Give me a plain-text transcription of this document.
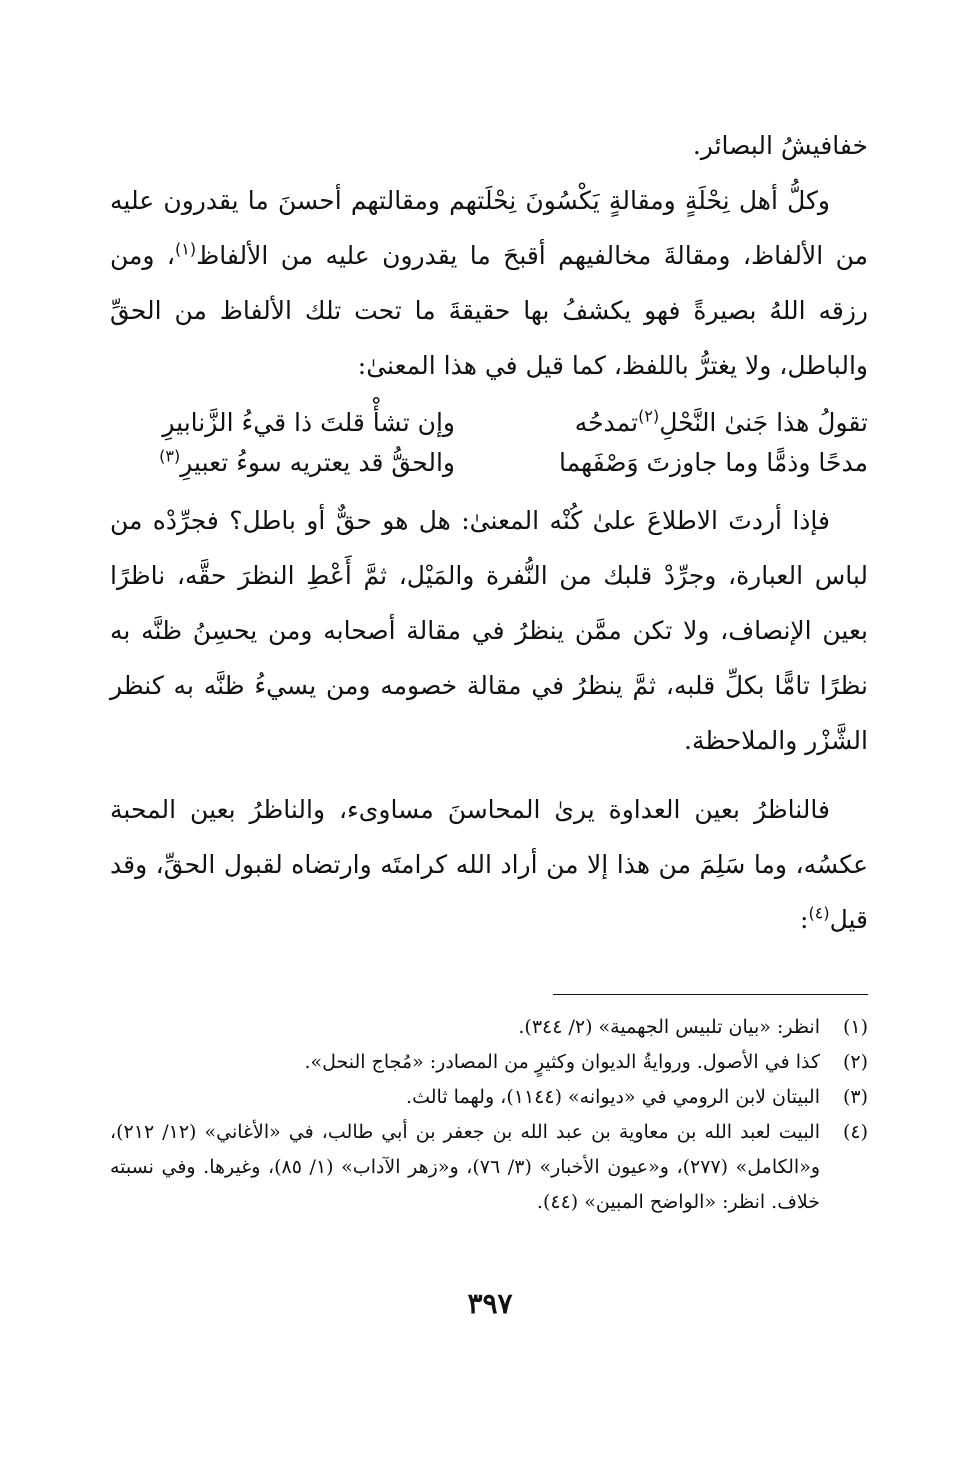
خفافيشُ البصائر.

وكلُّ أهل نِحْلَةٍ ومقالةٍ يَكْسُونَ نِحْلَتهم ومقالتهم أحسنَ ما يقدرون عليه من الألفاظ، ومقالةَ مخالفيهم أقبحَ ما يقدرون عليه من الألفاظ$^{(١)}$، ومن رزقه اللهُ بصيرةً فهو يكشفُ بها حقيقةَ ما تحت تلك الألفاظ من الحقِّ والباطل، ولا يغترُّ باللفظ، كما قيل في هذا المعنىٰ:

تقولُ هذا جَنىٰ النَّحْلِ$^{(٢)}$تمدحُه
وإن تشأْ قلتَ ذا قيءُ الزَّنابيرِ
مدحًا وذمًّا وما جاوزتَ وَصْفَهما
والحقُّ قد يعتريه سوءُ تعبيرِ$^{(٣)}$

فإذا أردتَ الاطلاعَ علىٰ كُنْه المعنىٰ: هل هو حقٌّ أو باطل؟ فجرِّدْه من لباس العبارة، وجرِّدْ قلبك من النُّفرة والمَيْل، ثمَّ أَعْطِ النظرَ حقَّه، ناظرًا بعين الإنصاف، ولا تكن ممَّن ينظرُ في مقالة أصحابه ومن يحسِنُ ظنَّه به نظرًا تامًّا بكلِّ قلبه، ثمَّ ينظرُ في مقالة خصومه ومن يسيءُ ظنَّه به كنظر الشَّزْر والملاحظة.

فالناظرُ بعين العداوة يرىٰ المحاسنَ مساوىء، والناظرُ بعين المحبة عكسُه، وما سَلِمَ من هذا إلا من أراد الله كرامتَه وارتضاه لقبول الحقِّ، وقد قيل$^{(٤)}$:

(١)
انظر: «بيان تلبيس الجهمية» (٢/ ٣٤٤).
(٢)
كذا في الأصول. وروايةُ الديوان وكثيرٍ من المصادر: «مُجاج النحل».
(٣)
البيتان لابن الرومي في «ديوانه» (١١٤٤)، ولهما ثالث.
(٤)
البيت لعبد الله بن معاوية بن عبد الله بن جعفر بن أبي طالب، في «الأغاني» (١٢/ ٢١٢)، و«الكامل» (٢٧٧)، و«عيون الأخبار» (٣/ ٧٦)، و«زهر الآداب» (١/ ٨٥)، وغيرها. وفي نسبته خلاف. انظر: «الواضح المبين» (٤٤).
٣٩٧
